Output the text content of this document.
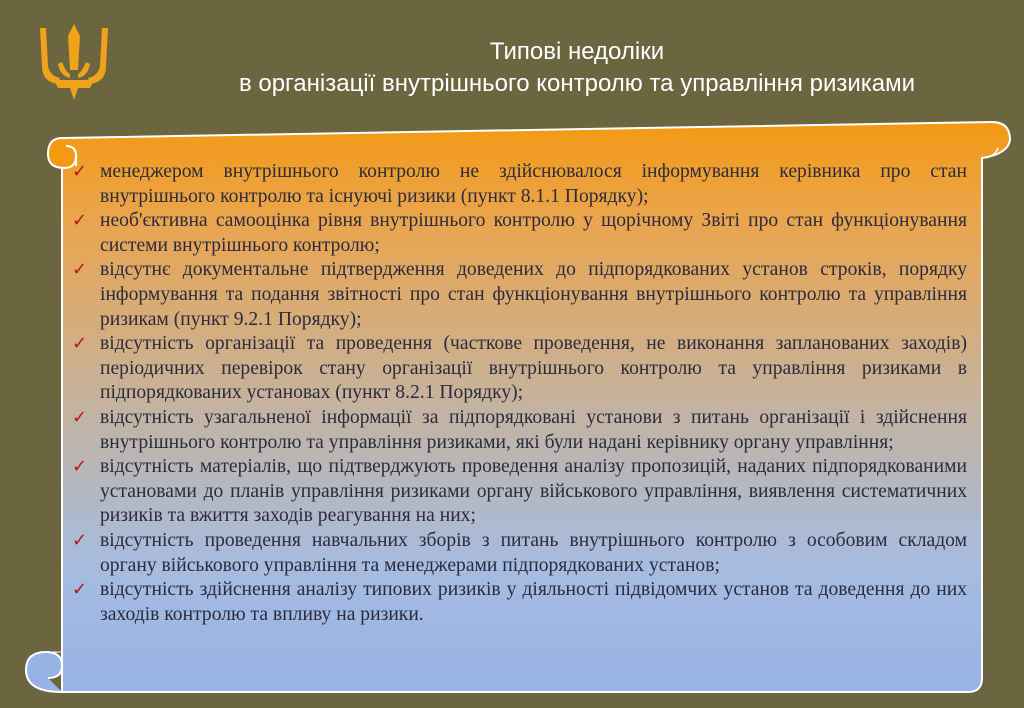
Типові недоліки
в організації внутрішнього контролю та управління ризиками
✓ менеджером внутрішнього контролю не здійснювалося інформування керівника про стан внутрішнього контролю та існуючі ризики (пункт 8.1.1 Порядку);
✓ необ'єктивна самооцінка рівня внутрішнього контролю у щорічному Звіті про стан функціонування системи внутрішнього контролю;
✓ відсутнє документальне підтвердження доведених до підпорядкованих установ строків, порядку інформування та подання звітності про стан функціонування внутрішнього контролю та управління ризикам (пункт 9.2.1 Порядку);
✓ відсутність організації та проведення (часткове проведення, не виконання запланованих заходів) періодичних перевірок стану організації внутрішнього контролю та управління ризиками в підпорядкованих установах (пункт 8.2.1 Порядку);
✓ відсутність узагальненої інформації за підпорядковані установи з питань організації і здійснення внутрішнього контролю та управління ризиками, які були надані керівнику органу управління;
✓ відсутність матеріалів, що підтверджують проведення аналізу пропозицій, наданих підпорядкованими установами до планів управління ризиками органу військового управління, виявлення систематичних ризиків та вжиття заходів реагування на них;
✓ відсутність проведення навчальних зборів з питань внутрішнього контролю з особовим складом органу військового управління та менеджерами підпорядкованих установ;
✓ відсутність здійснення аналізу типових ризиків у діяльності підвідомчих установ та доведення до них заходів контролю та впливу на ризики.
